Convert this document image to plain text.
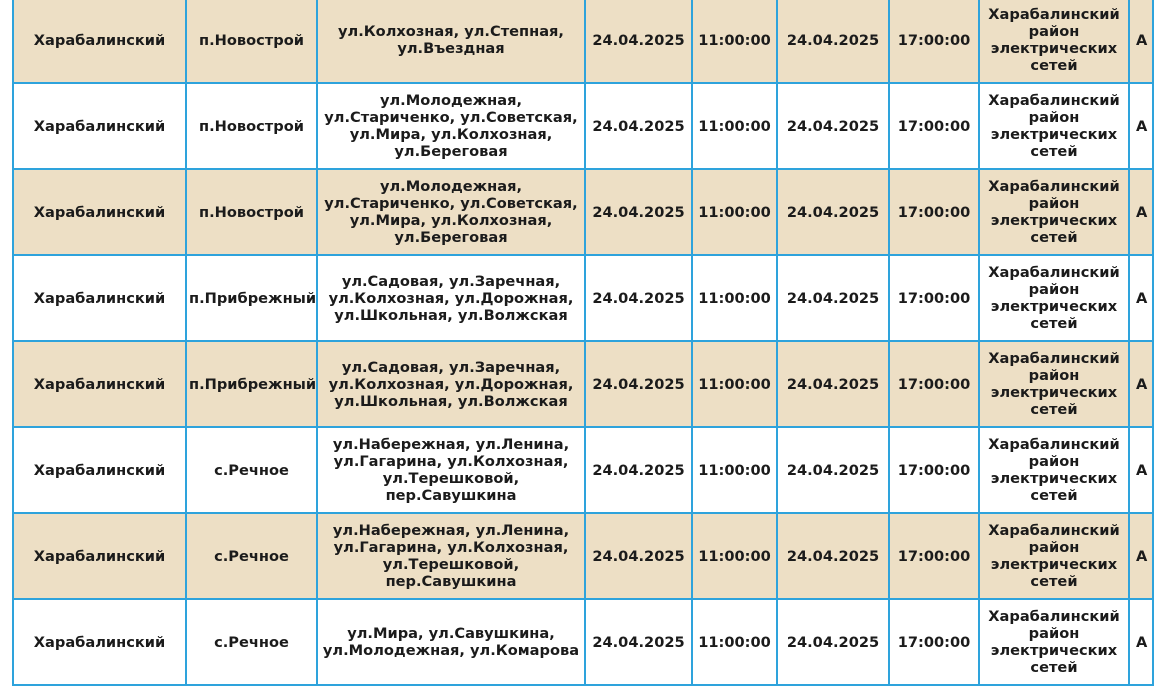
Харабалинский	п.Новострой	ул.Колхозная, ул.Степная, ул.Въездная	24.04.2025	11:00:00	24.04.2025	17:00:00	Харабалинский район электрических сетей	А
Харабалинский	п.Новострой	ул.Молодежная, ул.Стариченко, ул.Советская, ул.Мира, ул.Колхозная, ул.Береговая	24.04.2025	11:00:00	24.04.2025	17:00:00	Харабалинский район электрических сетей	А
Харабалинский	п.Новострой	ул.Молодежная, ул.Стариченко, ул.Советская, ул.Мира, ул.Колхозная, ул.Береговая	24.04.2025	11:00:00	24.04.2025	17:00:00	Харабалинский район электрических сетей	А
Харабалинский	п.Прибрежный	ул.Садовая, ул.Заречная, ул.Колхозная, ул.Дорожная, ул.Школьная, ул.Волжская	24.04.2025	11:00:00	24.04.2025	17:00:00	Харабалинский район электрических сетей	А
Харабалинский	п.Прибрежный	ул.Садовая, ул.Заречная, ул.Колхозная, ул.Дорожная, ул.Школьная, ул.Волжская	24.04.2025	11:00:00	24.04.2025	17:00:00	Харабалинский район электрических сетей	А
Харабалинский	с.Речное	ул.Набережная, ул.Ленина, ул.Гагарина, ул.Колхозная, ул.Терешковой, пер.Савушкина	24.04.2025	11:00:00	24.04.2025	17:00:00	Харабалинский район электрических сетей	А
Харабалинский	с.Речное	ул.Набережная, ул.Ленина, ул.Гагарина, ул.Колхозная, ул.Терешковой, пер.Савушкина	24.04.2025	11:00:00	24.04.2025	17:00:00	Харабалинский район электрических сетей	А
Харабалинский	с.Речное	ул.Мира, ул.Савушкина, ул.Молодежная, ул.Комарова	24.04.2025	11:00:00	24.04.2025	17:00:00	Харабалинский район электрических сетей	А
